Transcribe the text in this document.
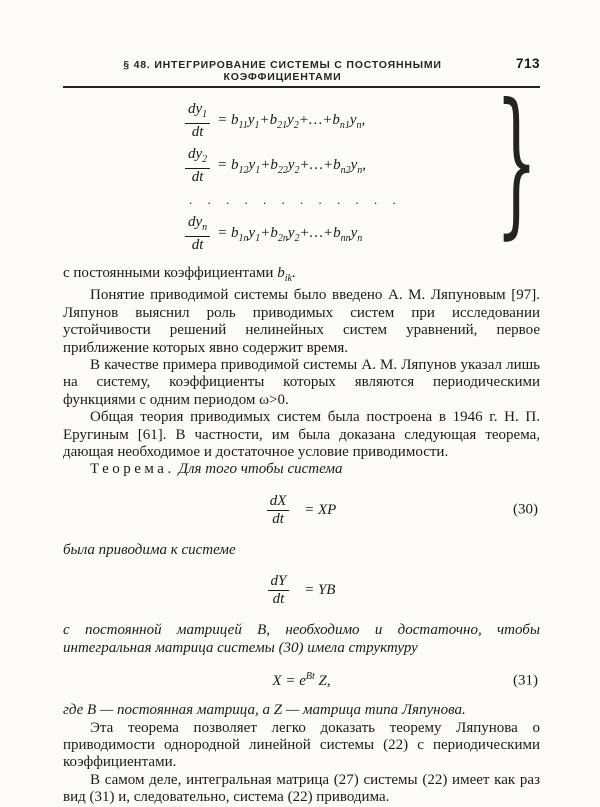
§ 48. ИНТЕГРИРОВАНИЕ СИСТЕМЫ С ПОСТОЯННЫМИ КОЭФФИЦИЕНТАМИ
713
$\frac{dy_1}{dt}$ = $b_{11}y_1+b_{21}y_2+\dots+b_{n1}y_n$,
$\frac{dy_2}{dt}$ = $b_{12}y_1+b_{22}y_2+\dots+b_{n2}y_n$,
. . . . . . . . . . . .
$\frac{dy_n}{dt}$ = $b_{1n}y_1+b_{2n}y_2+\dots+b_{nn}y_n$ }

с постоянными коэффициентами $b_{ik}$.

Понятие приводимой системы было введено А. М. Ляпуновым [97]. Ляпунов выяснил роль приводимых систем при исследовании устойчивости решений нелинейных систем уравнений, первое приближение которых явно содержит время.

В качестве примера приводимой системы А. М. Ляпунов указал лишь на систему, коэффициенты которых являются периодическими функциями с одним периодом ω>0.

Общая теория приводимых систем была построена в 1946 г. Н. П. Еругиным [61]. В частности, им была доказана следующая теорема, дающая необходимое и достаточное условие приводимости.

Теорема. Для того чтобы система

$\frac{dX}{dt}$ = XP	(30)

была приводима к системе

$\frac{dY}{dt}$ = YB

с постоянной матрицей B, необходимо и достаточно, чтобы интегральная матрица системы (30) имела структуру

$X = e^{Bt}$ Z,	(31)

где B — постоянная матрица, а Z — матрица типа Ляпунова.

Эта теорема позволяет легко доказать теорему Ляпунова о приводимости однородной линейной системы (22) с периодическими коэффициентами.

В самом деле, интегральная матрица (27) системы (22) имеет как раз вид (31) и, следовательно, система (22) приводима.
